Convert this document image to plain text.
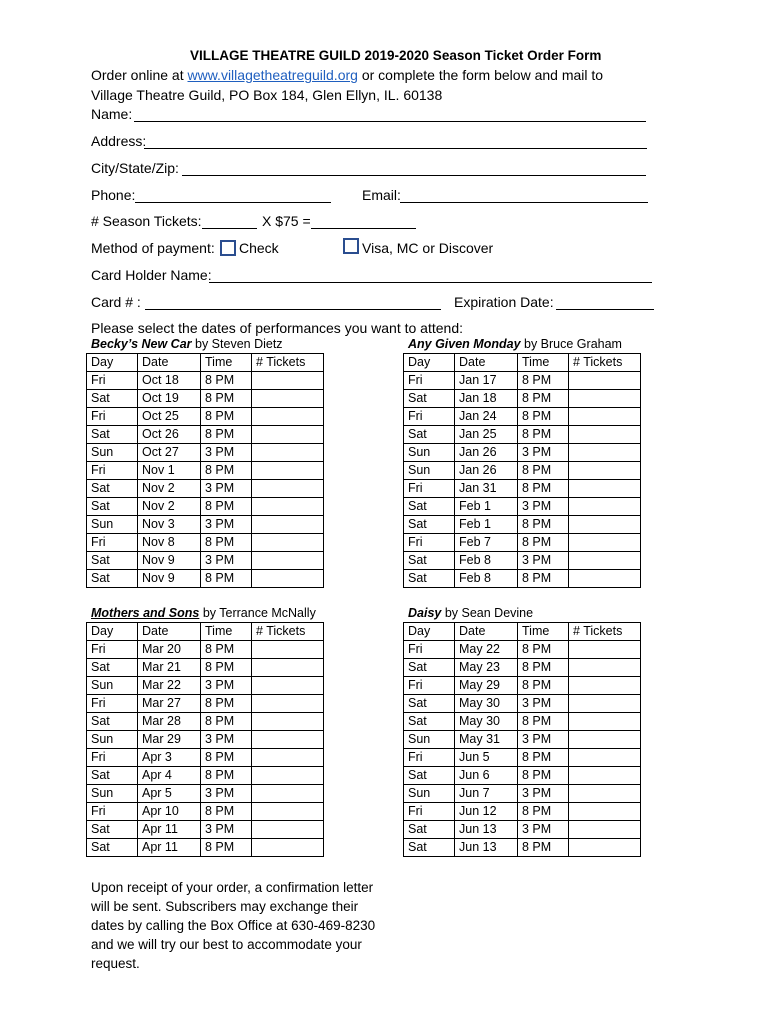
VILLAGE THEATRE GUILD 2019-2020 Season Ticket Order Form
Order online at www.villagetheatreguild.org or complete the form below and mail to
Village Theatre Guild, PO Box 184, Glen Ellyn, IL. 60138
Name:
Address:
City/State/Zip:
Phone:	Email:
# Season Tickets:	X $75 =
Method of payment: Check	Visa, MC or Discover
Card Holder Name:
Card # :	Expiration Date:
Please select the dates of performances you want to attend:
Becky’s New Car by Steven Dietz
Day	Date	Time	# Tickets
Fri	Oct 18	8 PM	
Sat	Oct 19	8 PM	
Fri	Oct 25	8 PM	
Sat	Oct 26	8 PM	
Sun	Oct 27	3 PM	
Fri	Nov 1	8 PM	
Sat	Nov 2	3 PM	
Sat	Nov 2	8 PM	
Sun	Nov 3	3 PM	
Fri	Nov 8	8 PM	
Sat	Nov 9	3 PM	
Sat	Nov 9	8 PM	
Any Given Monday by Bruce Graham
Day	Date	Time	# Tickets
Fri	Jan 17	8 PM	
Sat	Jan 18	8 PM	
Fri	Jan 24	8 PM	
Sat	Jan 25	8 PM	
Sun	Jan 26	3 PM	
Sun	Jan 26	8 PM	
Fri	Jan 31	8 PM	
Sat	Feb 1	3 PM	
Sat	Feb 1	8 PM	
Fri	Feb 7	8 PM	
Sat	Feb 8	3 PM	
Sat	Feb 8	8 PM	
Mothers and Sons by Terrance McNally
Day	Date	Time	# Tickets
Fri	Mar 20	8 PM	
Sat	Mar 21	8 PM	
Sun	Mar 22	3 PM	
Fri	Mar 27	8 PM	
Sat	Mar 28	8 PM	
Sun	Mar 29	3 PM	
Fri	Apr 3	8 PM	
Sat	Apr 4	8 PM	
Sun	Apr 5	3 PM	
Fri	Apr 10	8 PM	
Sat	Apr 11	3 PM	
Sat	Apr 11	8 PM	
Daisy by Sean Devine
Day	Date	Time	# Tickets
Fri	May 22	8 PM	
Sat	May 23	8 PM	
Fri	May 29	8 PM	
Sat	May 30	3 PM	
Sat	May 30	8 PM	
Sun	May 31	3 PM	
Fri	Jun 5	8 PM	
Sat	Jun 6	8 PM	
Sun	Jun 7	3 PM	
Fri	Jun 12	8 PM	
Sat	Jun 13	3 PM	
Sat	Jun 13	8 PM	
Upon receipt of your order, a confirmation letter will be sent. Subscribers may exchange their dates by calling the Box Office at 630-469-8230 and we will try our best to accommodate your request.
